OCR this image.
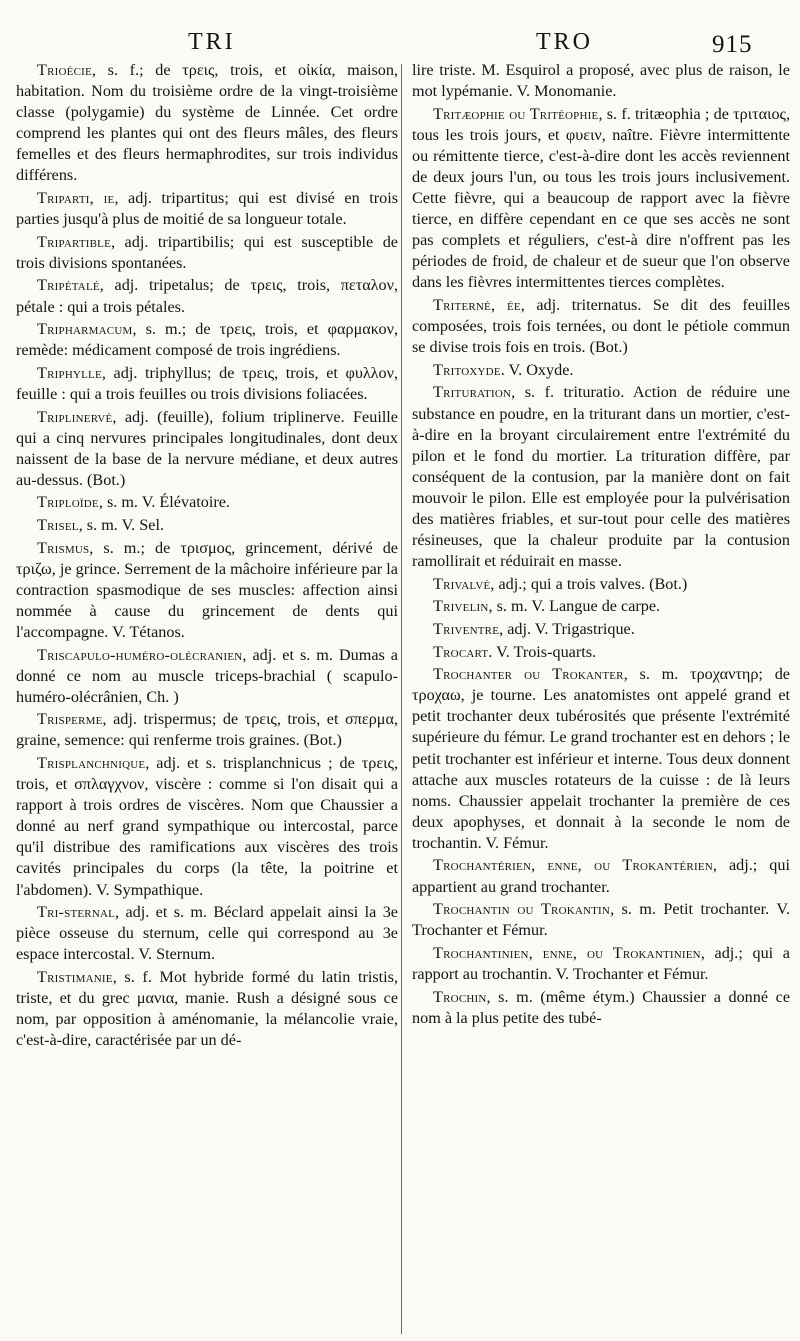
TRI	TRO	915

Trioécie, s. f.; de τρεις, trois, et οἰκία, maison, habitation. Nom du troisième ordre de la vingt-troisième classe (polygamie) du système de Linnée. Cet ordre comprend les plantes qui ont des fleurs mâles, des fleurs femelles et des fleurs hermaphrodites, sur trois individus différens.

Triparti, ie, adj. tripartitus; qui est divisé en trois parties jusqu'à plus de moitié de sa longueur totale.

Tripartible, adj. tripartibilis; qui est susceptible de trois divisions spontanées.

Tripétalé, adj. tripetalus; de τρεις, trois, πεταλον, pétale : qui a trois pétales.

Tripharmacum, s. m.; de τρεις, trois, et φαρμακον, remède: médicament composé de trois ingrédiens.

Triphylle, adj. triphyllus; de τρεις, trois, et φυλλον, feuille : qui a trois feuilles ou trois divisions foliacées.

Triplinervé, adj. (feuille), folium triplinerve. Feuille qui a cinq nervures principales longitudinales, dont deux naissent de la base de la nervure médiane, et deux autres au-dessus. (Bot.)

Triploïde, s. m. V. Élévatoire.

Trisel, s. m. V. Sel.

Trismus, s. m.; de τρισμος, grincement, dérivé de τριζω, je grince. Serrement de la mâchoire inférieure par la contraction spasmodique de ses muscles: affection ainsi nommée à cause du grincement de dents qui l'accompagne. V. Tétanos.

Triscapulo-huméro-olécranien, adj. et s. m. Dumas a donné ce nom au muscle triceps-brachial ( scapulo-huméro-olécrânien, Ch. )

Trisperme, adj. trispermus; de τρεις, trois, et σπερμα, graine, semence: qui renferme trois graines. (Bot.)

Trisplanchnique, adj. et s. trisplanchnicus ; de τρεις, trois, et σπλαγχνον, viscère : comme si l'on disait qui a rapport à trois ordres de viscères. Nom que Chaussier a donné au nerf grand sympathique ou intercostal, parce qu'il distribue des ramifications aux viscères des trois cavités principales du corps (la tête, la poitrine et l'abdomen). V. Sympathique.

Tri-sternal, adj. et s. m. Béclard appelait ainsi la 3e pièce osseuse du sternum, celle qui correspond au 3e espace intercostal. V. Sternum.

Tristimanie, s. f. Mot hybride formé du latin tristis, triste, et du grec μανια, manie. Rush a désigné sous ce nom, par opposition à aménomanie, la mélancolie vraie, c'est-à-dire, caractérisée par un dé-

lire triste. M. Esquirol a proposé, avec plus de raison, le mot lypémanie. V. Monomanie.

Tritæophie ou Tritéophie, s. f. tritæophia ; de τριταιος, tous les trois jours, et φυειν, naître. Fièvre intermittente ou rémittente tierce, c'est-à-dire dont les accès reviennent de deux jours l'un, ou tous les trois jours inclusivement. Cette fièvre, qui a beaucoup de rapport avec la fièvre tierce, en diffère cependant en ce que ses accès ne sont pas complets et réguliers, c'est-à dire n'offrent pas les périodes de froid, de chaleur et de sueur que l'on observe dans les fièvres intermittentes tierces complètes.

Triterné, ée, adj. triternatus. Se dit des feuilles composées, trois fois ternées, ou dont le pétiole commun se divise trois fois en trois. (Bot.)

Tritoxyde. V. Oxyde.

Trituration, s. f. trituratio. Action de réduire une substance en poudre, en la triturant dans un mortier, c'est-à-dire en la broyant circulairement entre l'extrémité du pilon et le fond du mortier. La trituration diffère, par conséquent de la contusion, par la manière dont on fait mouvoir le pilon. Elle est employée pour la pulvérisation des matières friables, et sur-tout pour celle des matières résineuses, que la chaleur produite par la contusion ramollirait et réduirait en masse.

Trivalvé, adj.; qui a trois valves. (Bot.)

Trivelin, s. m. V. Langue de carpe.

Triventre, adj. V. Trigastrique.

Trocart. V. Trois-quarts.

Trochanter ou Trokanter, s. m. τροχαντηρ; de τροχαω, je tourne. Les anatomistes ont appelé grand et petit trochanter deux tubérosités que présente l'extrémité supérieure du fémur. Le grand trochanter est en dehors ; le petit trochanter est inférieur et interne. Tous deux donnent attache aux muscles rotateurs de la cuisse : de là leurs noms. Chaussier appelait trochanter la première de ces deux apophyses, et donnait à la seconde le nom de trochantin. V. Fémur.

Trochantérien, enne, ou Trokantérien, adj.; qui appartient au grand trochanter.

Trochantin ou Trokantin, s. m. Petit trochanter. V. Trochanter et Fémur.

Trochantinien, enne, ou Trokantinien, adj.; qui a rapport au trochantin. V. Trochanter et Fémur.

Trochin, s. m. (même étym.) Chaussier a donné ce nom à la plus petite des tubé-
